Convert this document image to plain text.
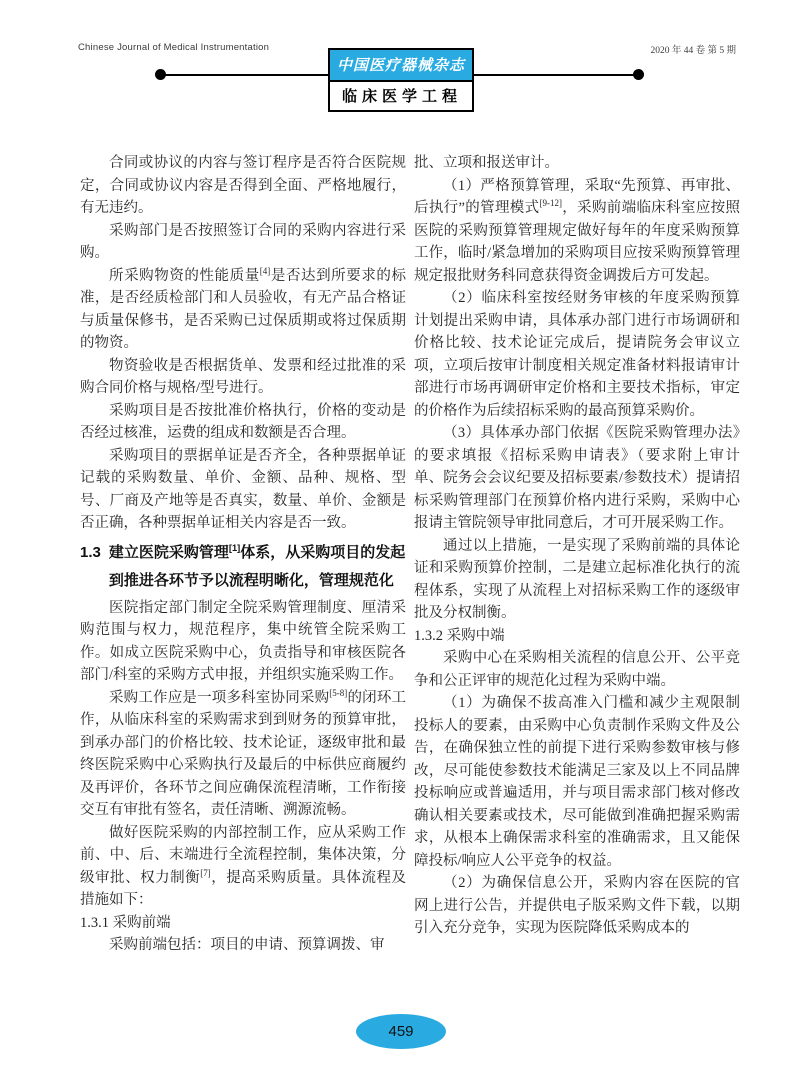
Chinese Journal of Medical Instrumentation	2020 年 44 卷 第 5 期
中国医疗器械杂志
临床医学工程

合同或协议的内容与签订程序是否符合医院规定，合同或协议内容是否得到全面、严格地履行，有无违约。

采购部门是否按照签订合同的采购内容进行采购。

所采购物资的性能质量[4]是否达到所要求的标准，是否经质检部门和人员验收，有无产品合格证与质量保修书，是否采购已过保质期或将过保质期的物资。

物资验收是否根据货单、发票和经过批准的采购合同价格与规格/型号进行。

采购项目是否按批准价格执行，价格的变动是否经过核准，运费的组成和数额是否合理。

采购项目的票据单证是否齐全，各种票据单证记载的采购数量、单价、金额、品种、规格、型号、厂商及产地等是否真实，数量、单价、金额是否正确，各种票据单证相关内容是否一致。

1.3 建立医院采购管理[1]体系，从采购项目的发起到推进各环节予以流程明晰化，管理规范化

医院指定部门制定全院采购管理制度、厘清采购范围与权力，规范程序，集中统管全院采购工作。如成立医院采购中心，负责指导和审核医院各部门/科室的采购方式申报，并组织实施采购工作。

采购工作应是一项多科室协同采购[5-8]的闭环工作，从临床科室的采购需求到到财务的预算审批，到承办部门的价格比较、技术论证，逐级审批和最终医院采购中心采购执行及最后的中标供应商履约及再评价，各环节之间应确保流程清晰，工作衔接交互有审批有签名，责任清晰、溯源流畅。

做好医院采购的内部控制工作，应从采购工作前、中、后、末端进行全流程控制，集体决策，分级审批、权力制衡[7]，提高采购质量。具体流程及措施如下：

1.3.1 采购前端

采购前端包括：项目的申请、预算调拨、审

批、立项和报送审计。

（1）严格预算管理，采取“先预算、再审批、后执行”的管理模式[9-12]，采购前端临床科室应按照医院的采购预算管理规定做好每年的年度采购预算工作，临时/紧急增加的采购项目应按采购预算管理规定报批财务科同意获得资金调拨后方可发起。

（2）临床科室按经财务审核的年度采购预算计划提出采购申请，具体承办部门进行市场调研和价格比较、技术论证完成后，提请院务会审议立项，立项后按审计制度相关规定准备材料报请审计部进行市场再调研审定价格和主要技术指标，审定的价格作为后续招标采购的最高预算采购价。

（3）具体承办部门依据《医院采购管理办法》的要求填报《招标采购申请表》（要求附上审计单、院务会会议纪要及招标要素/参数技术）提请招标采购管理部门在预算价格内进行采购，采购中心报请主管院领导审批同意后，才可开展采购工作。

通过以上措施，一是实现了采购前端的具体论证和采购预算价控制，二是建立起标准化执行的流程体系，实现了从流程上对招标采购工作的逐级审批及分权制衡。

1.3.2 采购中端

采购中心在采购相关流程的信息公开、公平竞争和公正评审的规范化过程为采购中端。

（1）为确保不拔高准入门槛和减少主观限制投标人的要素，由采购中心负责制作采购文件及公告，在确保独立性的前提下进行采购参数审核与修改，尽可能使参数技术能满足三家及以上不同品牌投标响应或普遍适用，并与项目需求部门核对修改确认相关要素或技术，尽可能做到准确把握采购需求，从根本上确保需求科室的准确需求，且又能保障投标/响应人公平竞争的权益。

（2）为确保信息公开，采购内容在医院的官网上进行公告，并提供电子版采购文件下载，以期引入充分竞争，实现为医院降低采购成本的

459
